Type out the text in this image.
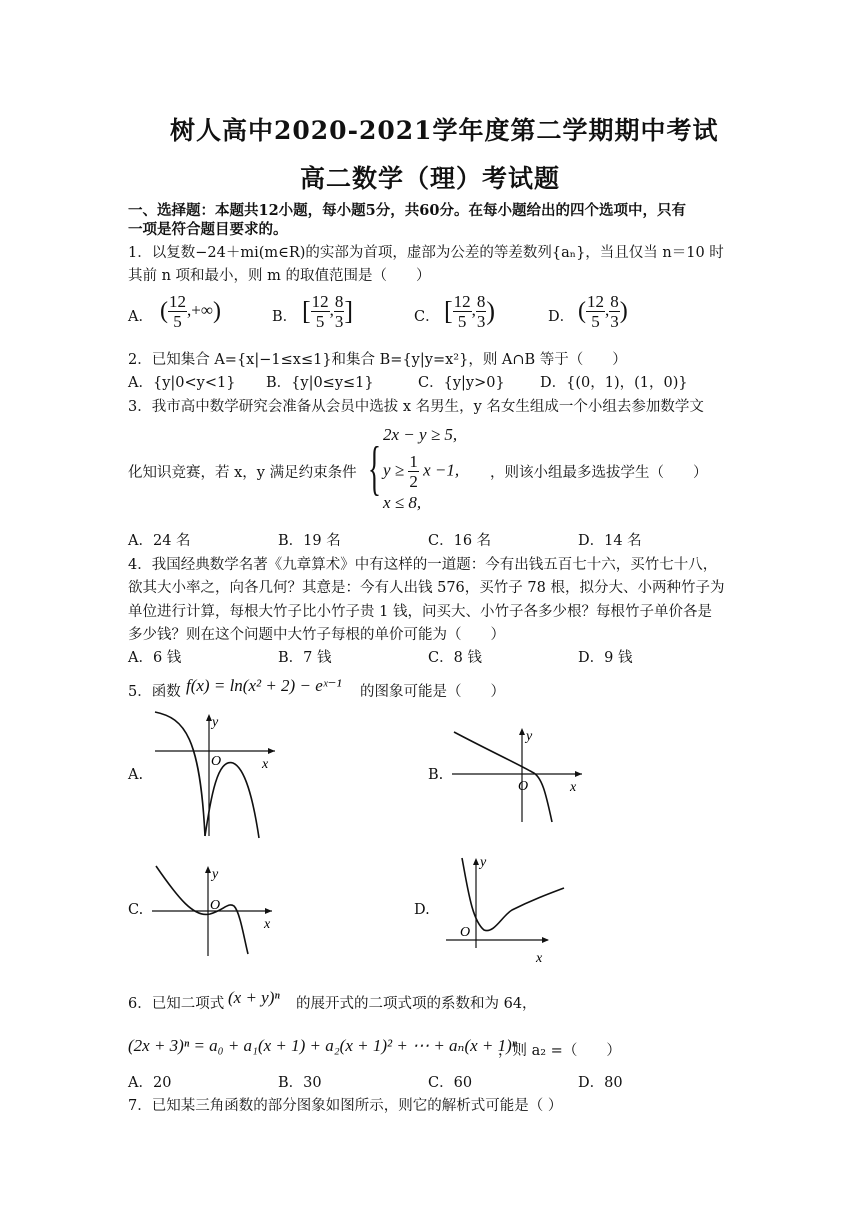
树人高中2020-2021学年度第二学期期中考试
高二数学（理）考试题
一、选择题：本题共12小题，每小题5分，共60分。在每小题给出的四个选项中，只有
一项是符合题目要求的。
1．以复数−24＋mi(m∈R)的实部为首项，虚部为公差的等差数列{aₙ}，当且仅当 n＝10 时
其前 n 项和最小，则 m 的取值范围是（　　）
A． ( $\frac{12}{5}$ ,+∞)	B． [ $\frac{12}{5}$ , $\frac{8}{3}$ ]	C． [ $\frac{12}{5}$ , $\frac{8}{3}$ )	D． ( $\frac{12}{5}$ , $\frac{8}{3}$ )
2．已知集合 A={x|−1≤x≤1}和集合 B={y|y=x²}，则 A∩B 等于（　　）
A．{y|0<y<1} B．{y|0≤y≤1}	C．{y|y>0} D．{(0，1)，(1，0)}
3．我市高中数学研究会准备从会员中选拔 x 名男生，y 名女生组成一个小组去参加数学文
化知识竞赛，若 x，y 满足约束条件 {
2x − y ≥ 5,
$y \ge \frac{1}{2}$ x −1,
x ≤ 8,
，则该小组最多选拔学生（　　）
A．24 名	B．19 名	C．16 名	D．14 名
4．我国经典数学名著《九章算术》中有这样的一道题：今有出钱五百七十六，买竹七十八，
欲其大小率之，向各几何？其意是：今有人出钱 576，买竹子 78 根，拟分大、小两种竹子为
单位进行计算，每根大竹子比小竹子贵 1 钱，问买大、小竹子各多少根？每根竹子单价各是
多少钱？则在这个问题中大竹子每根的单价可能为（　　）
A．6 钱	B．7 钱	C．8 钱	D．9 钱
5．函数 f(x) = ln(x² + 2) − eˣ⁻¹ 的图象可能是（　　）
A.
y
x
O
B.
y
x
O
C.
y
x
O	D.
y
x
O
6．已知二项式 (x + y)ⁿ 的展开式的二项式项的系数和为 64，
(2x + 3)ⁿ = a₀ + a₁(x + 1) + a₂(x + 1)² + ⋯ + aₙ(x + 1)ⁿ
，则 a₂ =（　　）
A．20	B．30	C．60	D．80
7．已知某三角函数的部分图象如图所示，则它的解析式可能是（ ）
